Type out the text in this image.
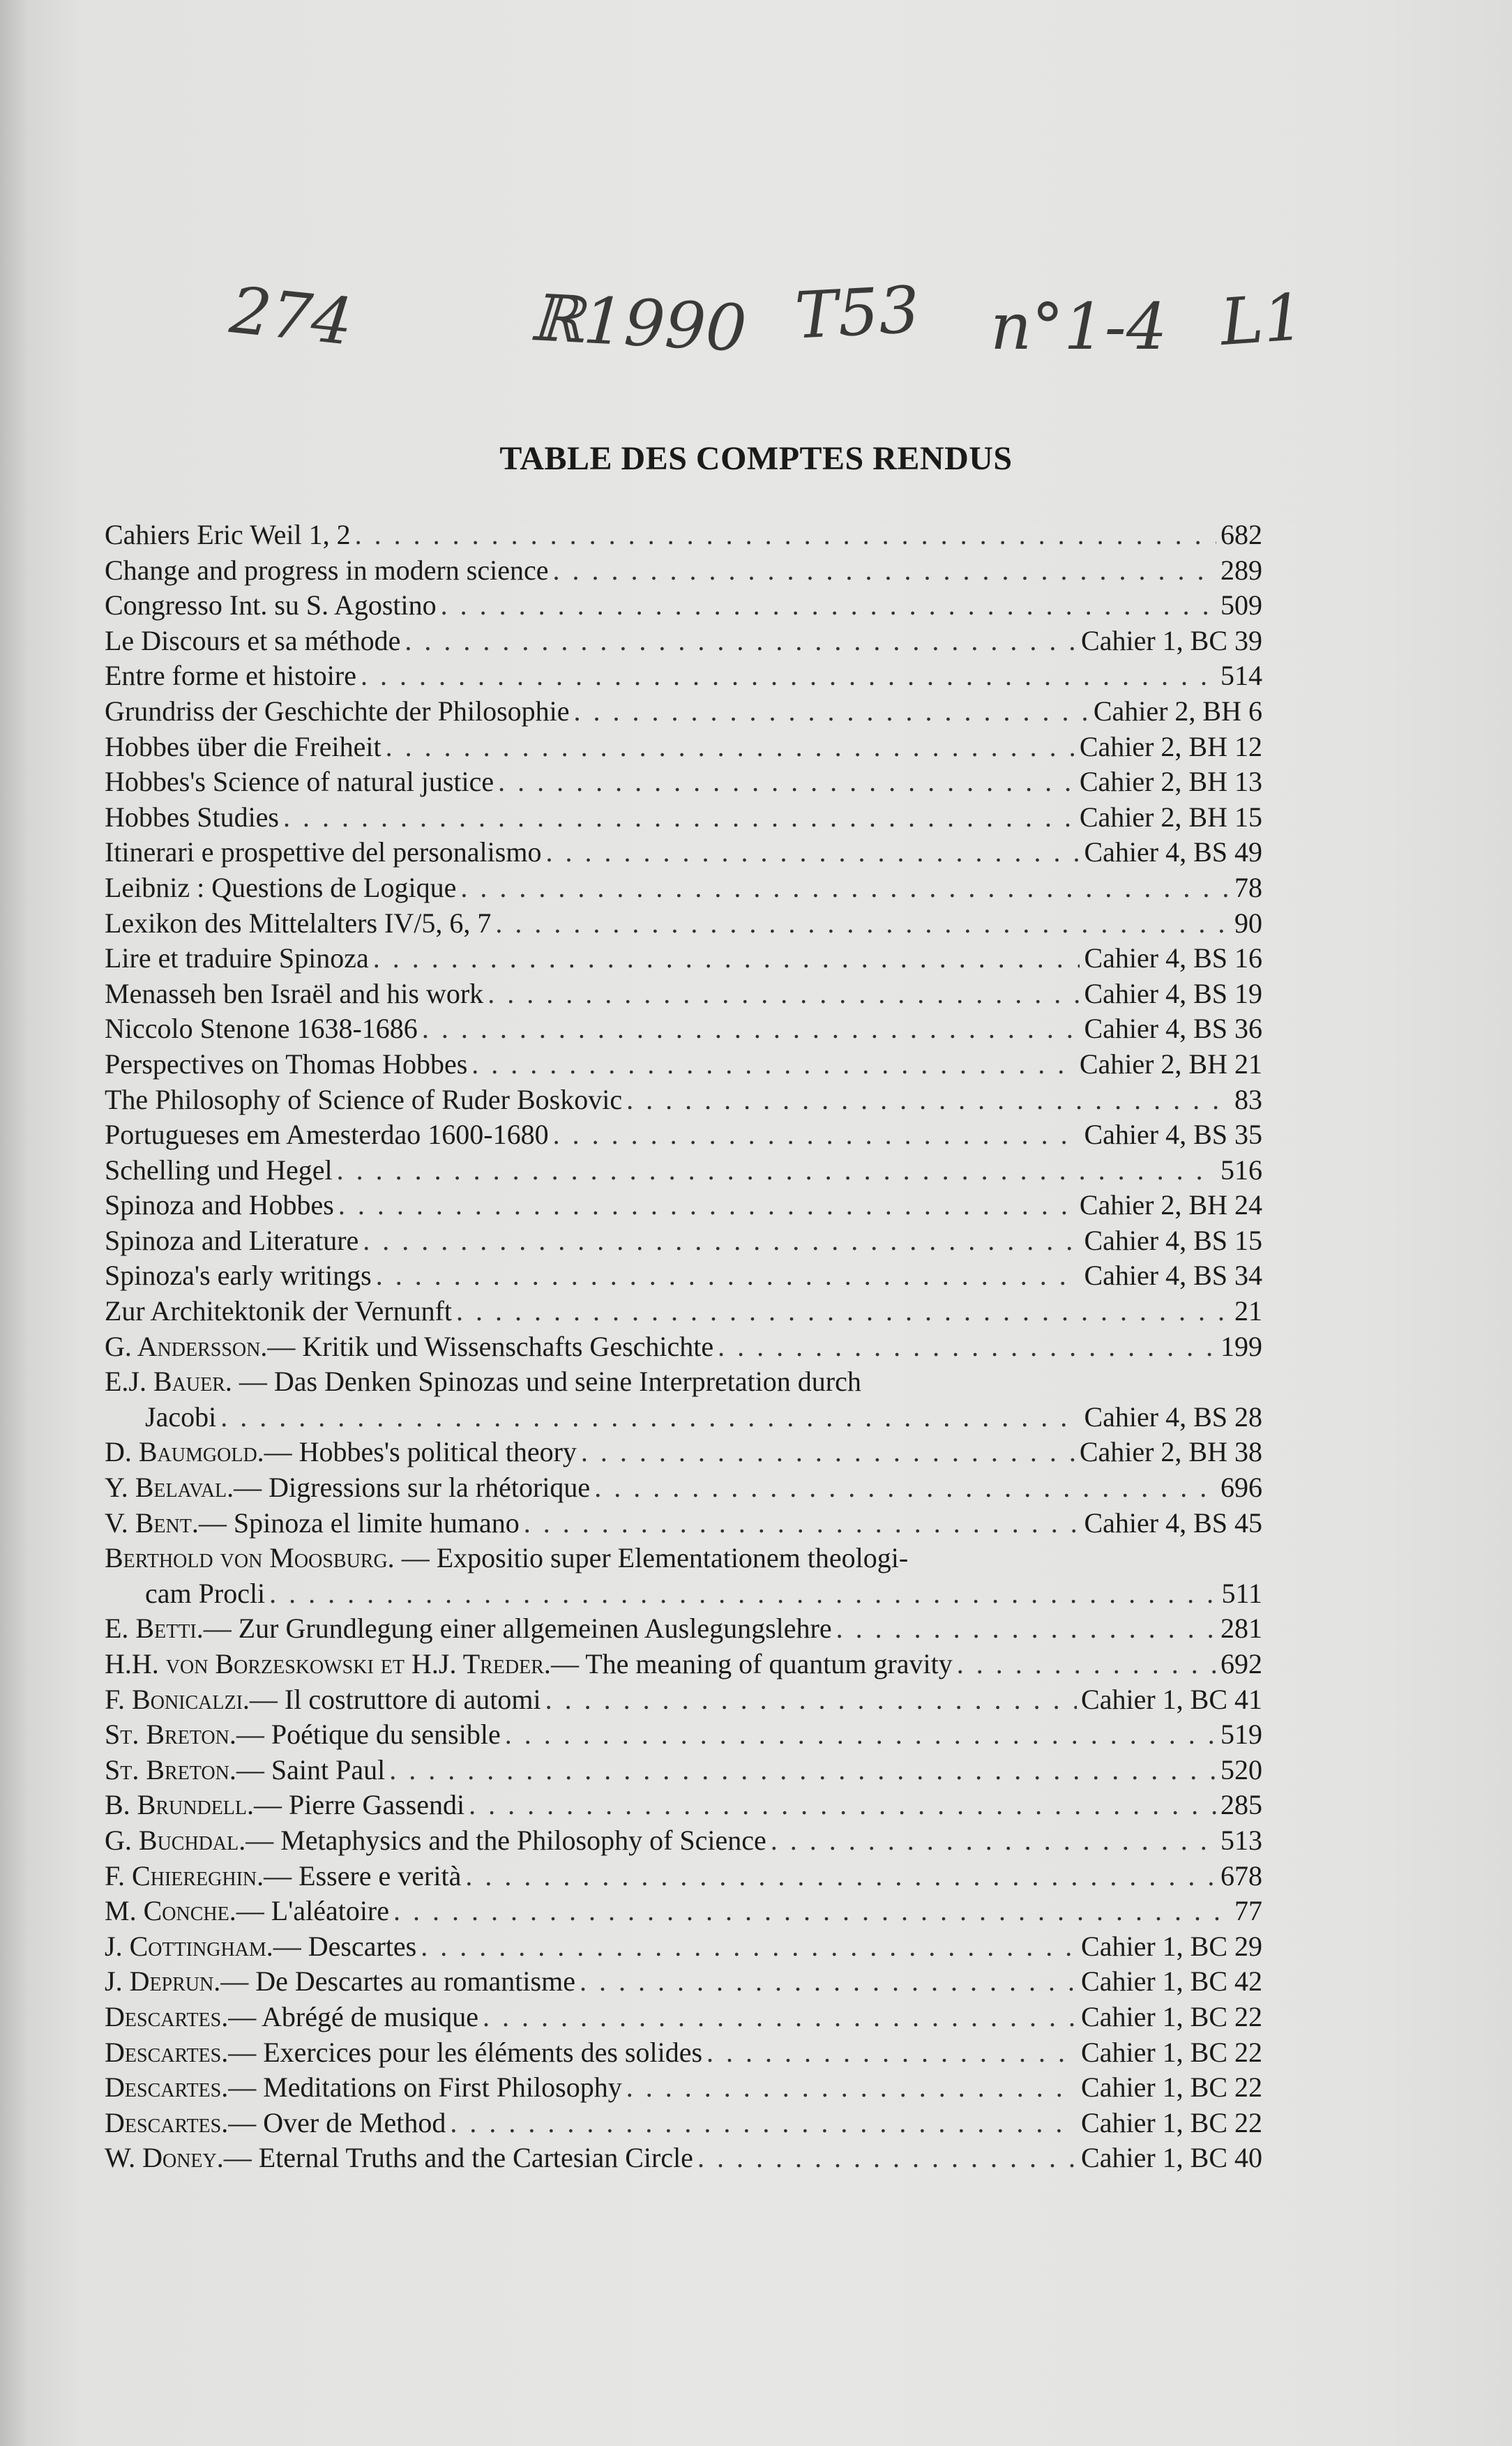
274	ℝ1990 T53 n°1-4 L1
TABLE DES COMPTES RENDUS
Cahiers Eric Weil 1, 2 . . .	682
Change and progress in modern science . . .	289
Congresso Int. su S. Agostino . . .	509
Le Discours et sa méthode . . .	Cahier 1, BC 39
Entre forme et histoire . . .	514
Grundriss der Geschichte der Philosophie . . .	Cahier 2, BH 6
Hobbes über die Freiheit . . .	Cahier 2, BH 12
Hobbes's Science of natural justice . . .	Cahier 2, BH 13
Hobbes Studies . . .	Cahier 2, BH 15
Itinerari e prospettive del personalismo . . .	Cahier 4, BS 49
Leibniz : Questions de Logique . . .	78
Lexikon des Mittelalters IV/5, 6, 7 . . .	90
Lire et traduire Spinoza . . .	Cahier 4, BS 16
Menasseh ben Israël and his work . . .	Cahier 4, BS 19
Niccolo Stenone 1638-1686 . . .	Cahier 4, BS 36
Perspectives on Thomas Hobbes . . .	Cahier 2, BH 21
The Philosophy of Science of Ruder Boskovic . . .	83
Portugueses em Amesterdao 1600-1680 . . .	Cahier 4, BS 35
Schelling und Hegel . . .	516
Spinoza and Hobbes . . .	Cahier 2, BH 24
Spinoza and Literature . . .	Cahier 4, BS 15
Spinoza's early writings . . .	Cahier 4, BS 34
Zur Architektonik der Vernunft . . .	21
G. Andersson. — Kritik und Wissenschafts Geschichte . . .	199
E.J. Bauer. — Das Denken Spinozas und seine Interpretation durch
Jacobi . . .	Cahier 4, BS 28
D. Baumgold. — Hobbes's political theory . . .	Cahier 2, BH 38
Y. Belaval. — Digressions sur la rhétorique . . .	696
V. Bent. — Spinoza el limite humano . . .	Cahier 4, BS 45
Berthold von Moosburg. — Expositio super Elementationem theologi-
cam Procli . . .	511
E. Betti. — Zur Grundlegung einer allgemeinen Auslegungslehre . . .	281
H.H. von Borzeskowski et H.J. Treder. — The meaning of quantum gravity . . .	692
F. Bonicalzi. — Il costruttore di automi . . .	Cahier 1, BC 41
St. Breton. — Poétique du sensible . . .	519
St. Breton. — Saint Paul . . .	520
B. Brundell. — Pierre Gassendi . . .	285
G. Buchdal. — Metaphysics and the Philosophy of Science . . .	513
F. Chiereghin. — Essere e verità . . .	678
M. Conche. — L'aléatoire . . .	77
J. Cottingham. — Descartes . . .	Cahier 1, BC 29
J. Deprun. — De Descartes au romantisme . . .	Cahier 1, BC 42
Descartes. — Abrégé de musique . . .	Cahier 1, BC 22
Descartes. — Exercices pour les éléments des solides . . .	Cahier 1, BC 22
Descartes. — Meditations on First Philosophy . . .	Cahier 1, BC 22
Descartes. — Over de Method . . .	Cahier 1, BC 22
W. Doney. — Eternal Truths and the Cartesian Circle . . .	Cahier 1, BC 40
